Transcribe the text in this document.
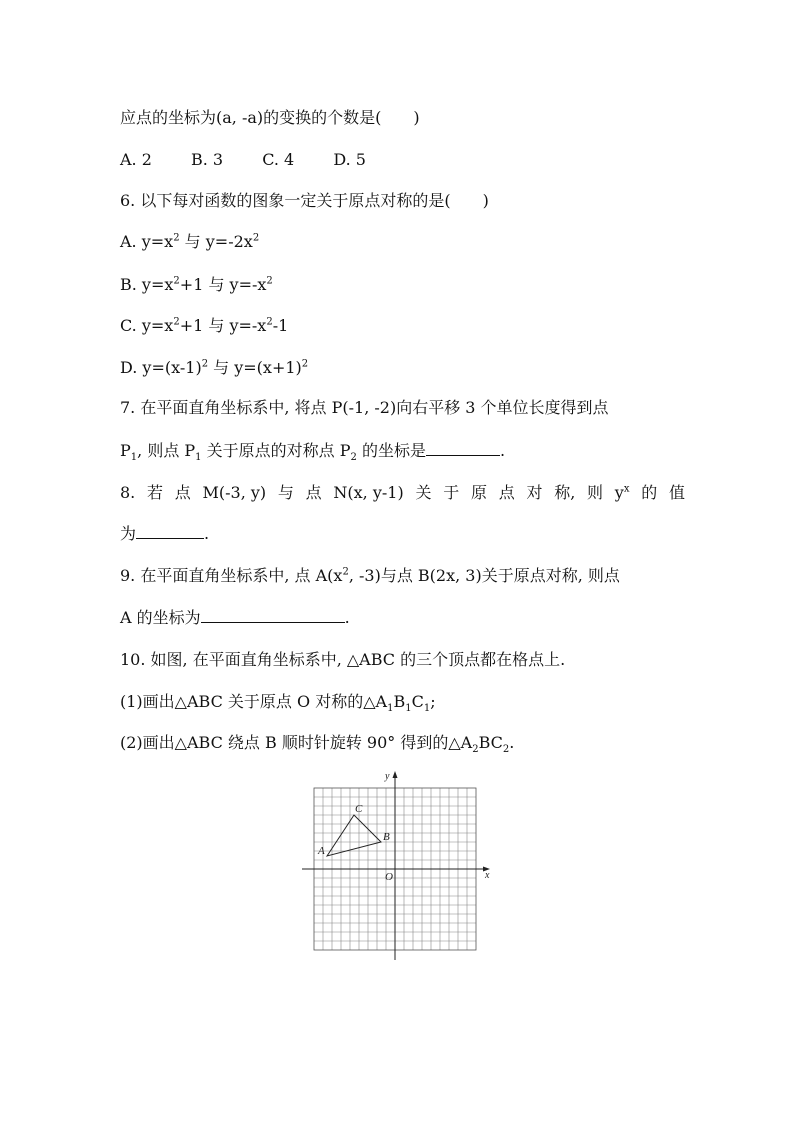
应点的坐标为(a, -a)的变换的个数是(　　)
A. 2 B. 3 C. 4 D. 5
6. 以下每对函数的图象一定关于原点对称的是(　　)
A. $y=x^2$ 与 $y=-2x^2$
B. $y=x^2+1$ 与 $y=-x^2$
C. $y=x^2+1$ 与 $y=-x^2-1$
D. $y=(x-1)^2$ 与 $y=(x+1)^2$
7. 在平面直角坐标系中, 将点 P(-1, -2)向右平移 3 个单位长度得到点
$P_1$, 则点 $P_1$ 关于原点的对称点 $P_2$ 的坐标是	.
8. 若 点 M(-3, y) 与 点 N(x, y-1) 关 于 原 点 对 称, 则 $y^x$ 的 值
为	.
9. 在平面直角坐标系中, 点 $A(x^2$, -3)与点 B(2x, 3)关于原点对称, 则点
A 的坐标为	.
10. 如图, 在平面直角坐标系中, △ABC 的三个顶点都在格点上.
(1)画出△ABC 关于原点 O 对称的$\triangle A_1B_1C_1$;
(2)画出△ABC 绕点 B 顺时针旋转 90° 得到的$\triangle A_2BC_2$.
x
y
O
A
B
C
